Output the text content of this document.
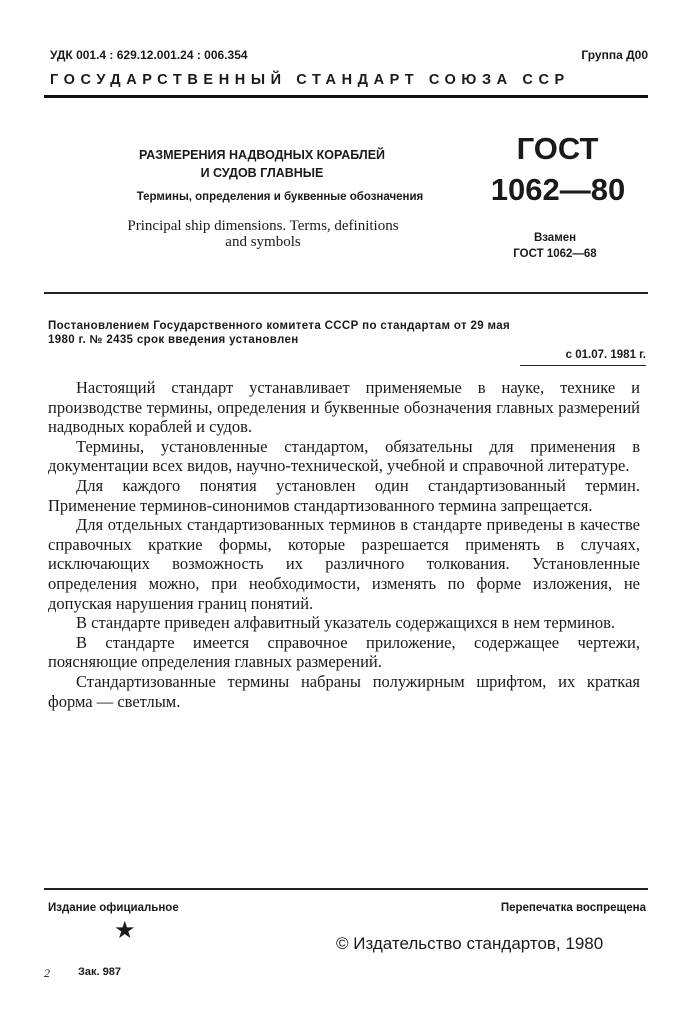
УДК 001.4 : 629.12.001.24 : 006.354	Группа Д00
ГОСУДАРСТВЕННЫЙ СТАНДАРТ СОЮЗА ССР
РАЗМЕРЕНИЯ НАДВОДНЫХ КОРАБЛЕЙ
И СУДОВ ГЛАВНЫЕ
Термины, определения и буквенные обозначения
Principal ship dimensions. Terms, definitions
and symbols
ГОСТ
1062—80
Взамен
ГОСТ 1062—68
Постановлением Государственного комитета СССР по стандартам от 29 мая
1980 г. № 2435 срок введения установлен
с 01.07. 1981 г.

Настоящий стандарт устанавливает применяемые в науке, технике и производстве термины, определения и буквенные обозначения главных размерений надводных кораблей и судов.

Термины, установленные стандартом, обязательны для применения в документации всех видов, научно-технической, учебной и справочной литературе.

Для каждого понятия установлен один стандартизованный термин. Применение терминов-синонимов стандартизованного термина запрещается.

Для отдельных стандартизованных терминов в стандарте приведены в качестве справочных краткие формы, которые разрешается применять в случаях, исключающих возможность их различного толкования. Установленные определения можно, при необходимости, изменять по форме изложения, не допуская нарушения границ понятий.

В стандарте приведен алфавитный указатель содержащихся в нем терминов.

В стандарте имеется справочное приложение, содержащее чертежи, поясняющие определения главных размерений.

Стандартизованные термины набраны полужирным шрифтом, их краткая форма — светлым.

Издание официальное
★
Перепечатка воспрещена
© Издательство стандартов, 1980
2	Зак. 987
